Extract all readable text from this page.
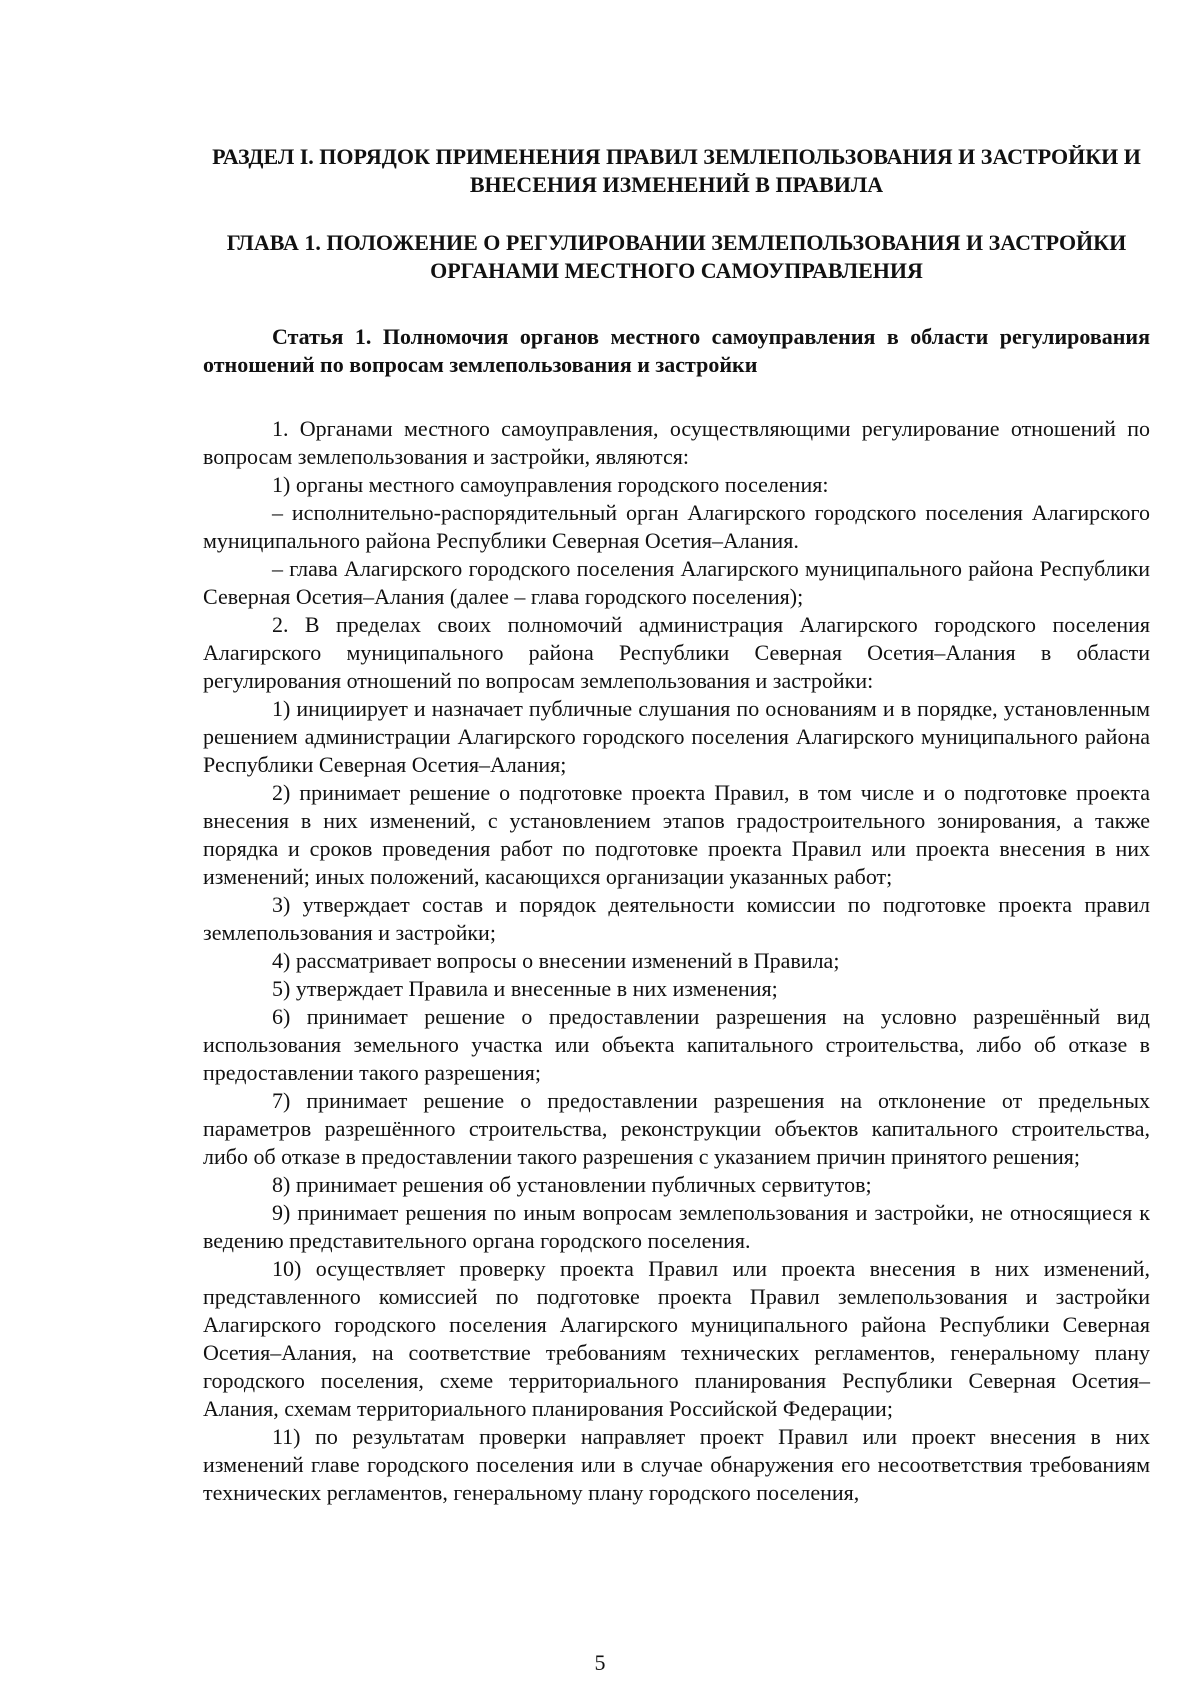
РАЗДЕЛ I. ПОРЯДОК ПРИМЕНЕНИЯ ПРАВИЛ ЗЕМЛЕПОЛЬЗОВАНИЯ И ЗАСТРОЙКИ И ВНЕСЕНИЯ ИЗМЕНЕНИЙ В ПРАВИЛА

ГЛАВА 1. ПОЛОЖЕНИЕ О РЕГУЛИРОВАНИИ ЗЕМЛЕПОЛЬЗОВАНИЯ И ЗАСТРОЙКИ ОРГАНАМИ МЕСТНОГО САМОУПРАВЛЕНИЯ

Статья 1. Полномочия органов местного самоуправления в области регулирования отношений по вопросам землепользования и застройки

1. Органами местного самоуправления, осуществляющими регулирование отношений по вопросам землепользования и застройки, являются:

1) органы местного самоуправления городского поселения:

– исполнительно-распорядительный орган Алагирского городского поселения Алагирского муниципального района Республики Северная Осетия–Алания.

– глава Алагирского городского поселения Алагирского муниципального района Республики Северная Осетия–Алания (далее – глава городского поселения);

2. В пределах своих полномочий администрация Алагирского городского поселения Алагирского муниципального района Республики Северная Осетия–Алания в области регулирования отношений по вопросам землепользования и застройки:

1) инициирует и назначает публичные слушания по основаниям и в порядке, установленным решением администрации Алагирского городского поселения Алагирского муниципального района Республики Северная Осетия–Алания;

2) принимает решение о подготовке проекта Правил, в том числе и о подготовке проекта внесения в них изменений, с установлением этапов градостроительного зонирования, а также порядка и сроков проведения работ по подготовке проекта Правил или проекта внесения в них изменений; иных положений, касающихся организации указанных работ;

3) утверждает состав и порядок деятельности комиссии по подготовке проекта правил землепользования и застройки;

4) рассматривает вопросы о внесении изменений в Правила;

5) утверждает Правила и внесенные в них изменения;

6) принимает решение о предоставлении разрешения на условно разрешённый вид использования земельного участка или объекта капитального строительства, либо об отказе в предоставлении такого разрешения;

7) принимает решение о предоставлении разрешения на отклонение от предельных параметров разрешённого строительства, реконструкции объектов капитального строительства, либо об отказе в предоставлении такого разрешения с указанием причин принятого решения;

8) принимает решения об установлении публичных сервитутов;

9) принимает решения по иным вопросам землепользования и застройки, не относящиеся к ведению представительного органа городского поселения.

10) осуществляет проверку проекта Правил или проекта внесения в них изменений, представленного комиссией по подготовке проекта Правил землепользования и застройки Алагирского городского поселения Алагирского муниципального района Республики Северная Осетия–Алания, на соответствие требованиям технических регламентов, генеральному плану городского поселения, схеме территориального планирования Республики Северная Осетия–Алания, схемам территориального планирования Российской Федерации;

11) по результатам проверки направляет проект Правил или проект внесения в них изменений главе городского поселения или в случае обнаружения его несоответствия требованиям технических регламентов, генеральному плану городского поселения,

5
